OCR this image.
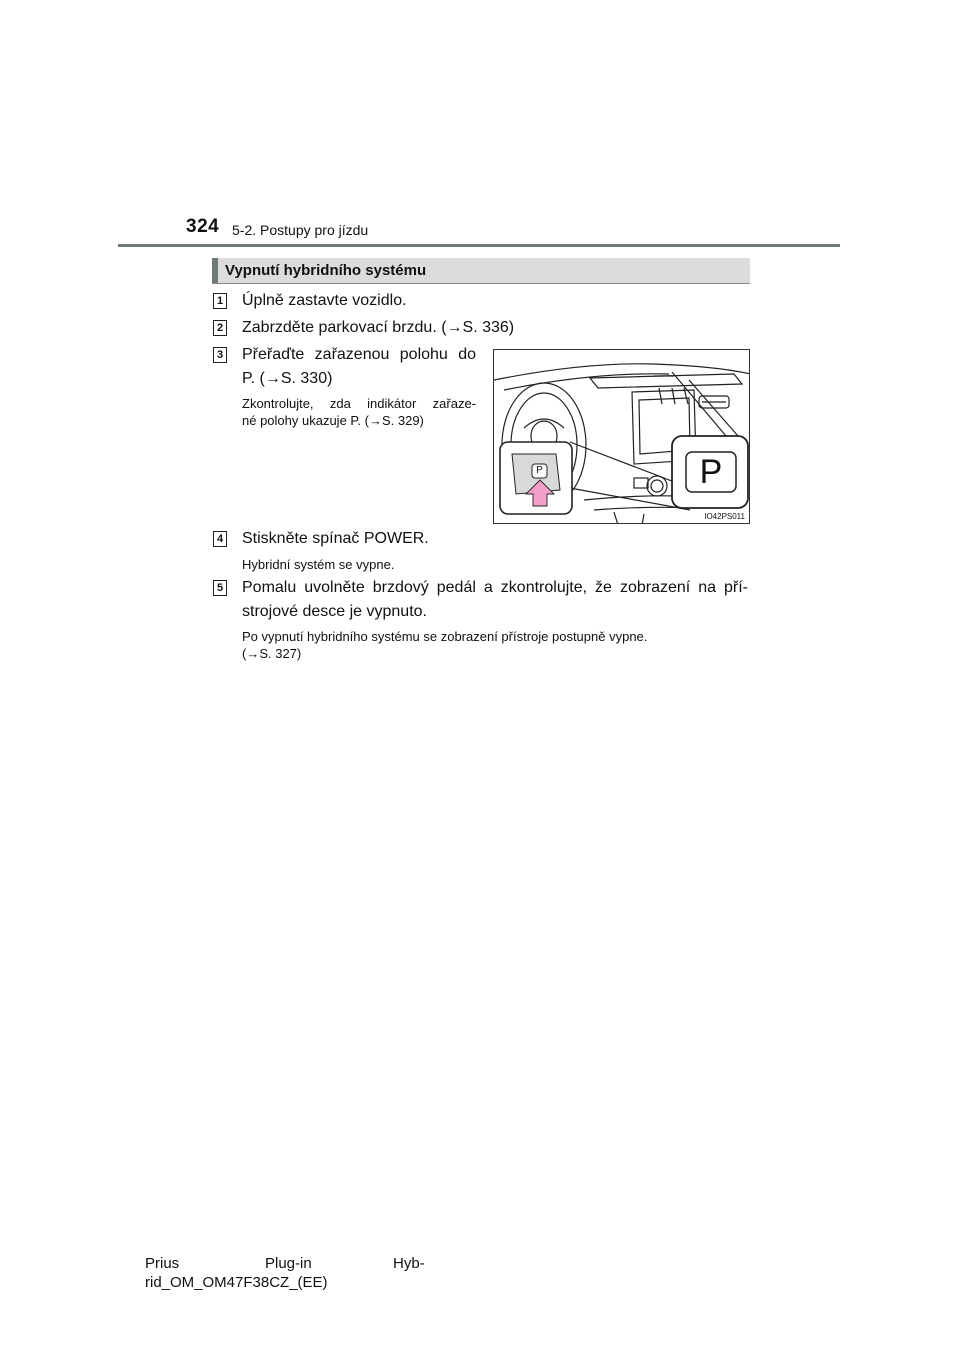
324 5-2. Postupy pro jízdu
Vypnutí hybridního systému
1 Úplně zastavte vozidlo.
2 Zabrzděte parkovací brzdu. (→S. 336)
3 Přeřaďte zařazenou polohu do
P. (→S. 330)
Zkontrolujte, zda indikátor zařaze-
né polohy ukazuje P. (→S. 329)
P	P
IO42PS011
4 Stiskněte spínač POWER.
Hybridní systém se vypne.
5 Pomalu uvolněte brzdový pedál a zkontrolujte, že zobrazení na pří-
strojové desce je vypnuto.
Po vypnutí hybridního systému se zobrazení přístroje postupně vypne.
(→S. 327)
Prius	Plug-in	Hyb-
rid_OM_OM47F38CZ_(EE)
